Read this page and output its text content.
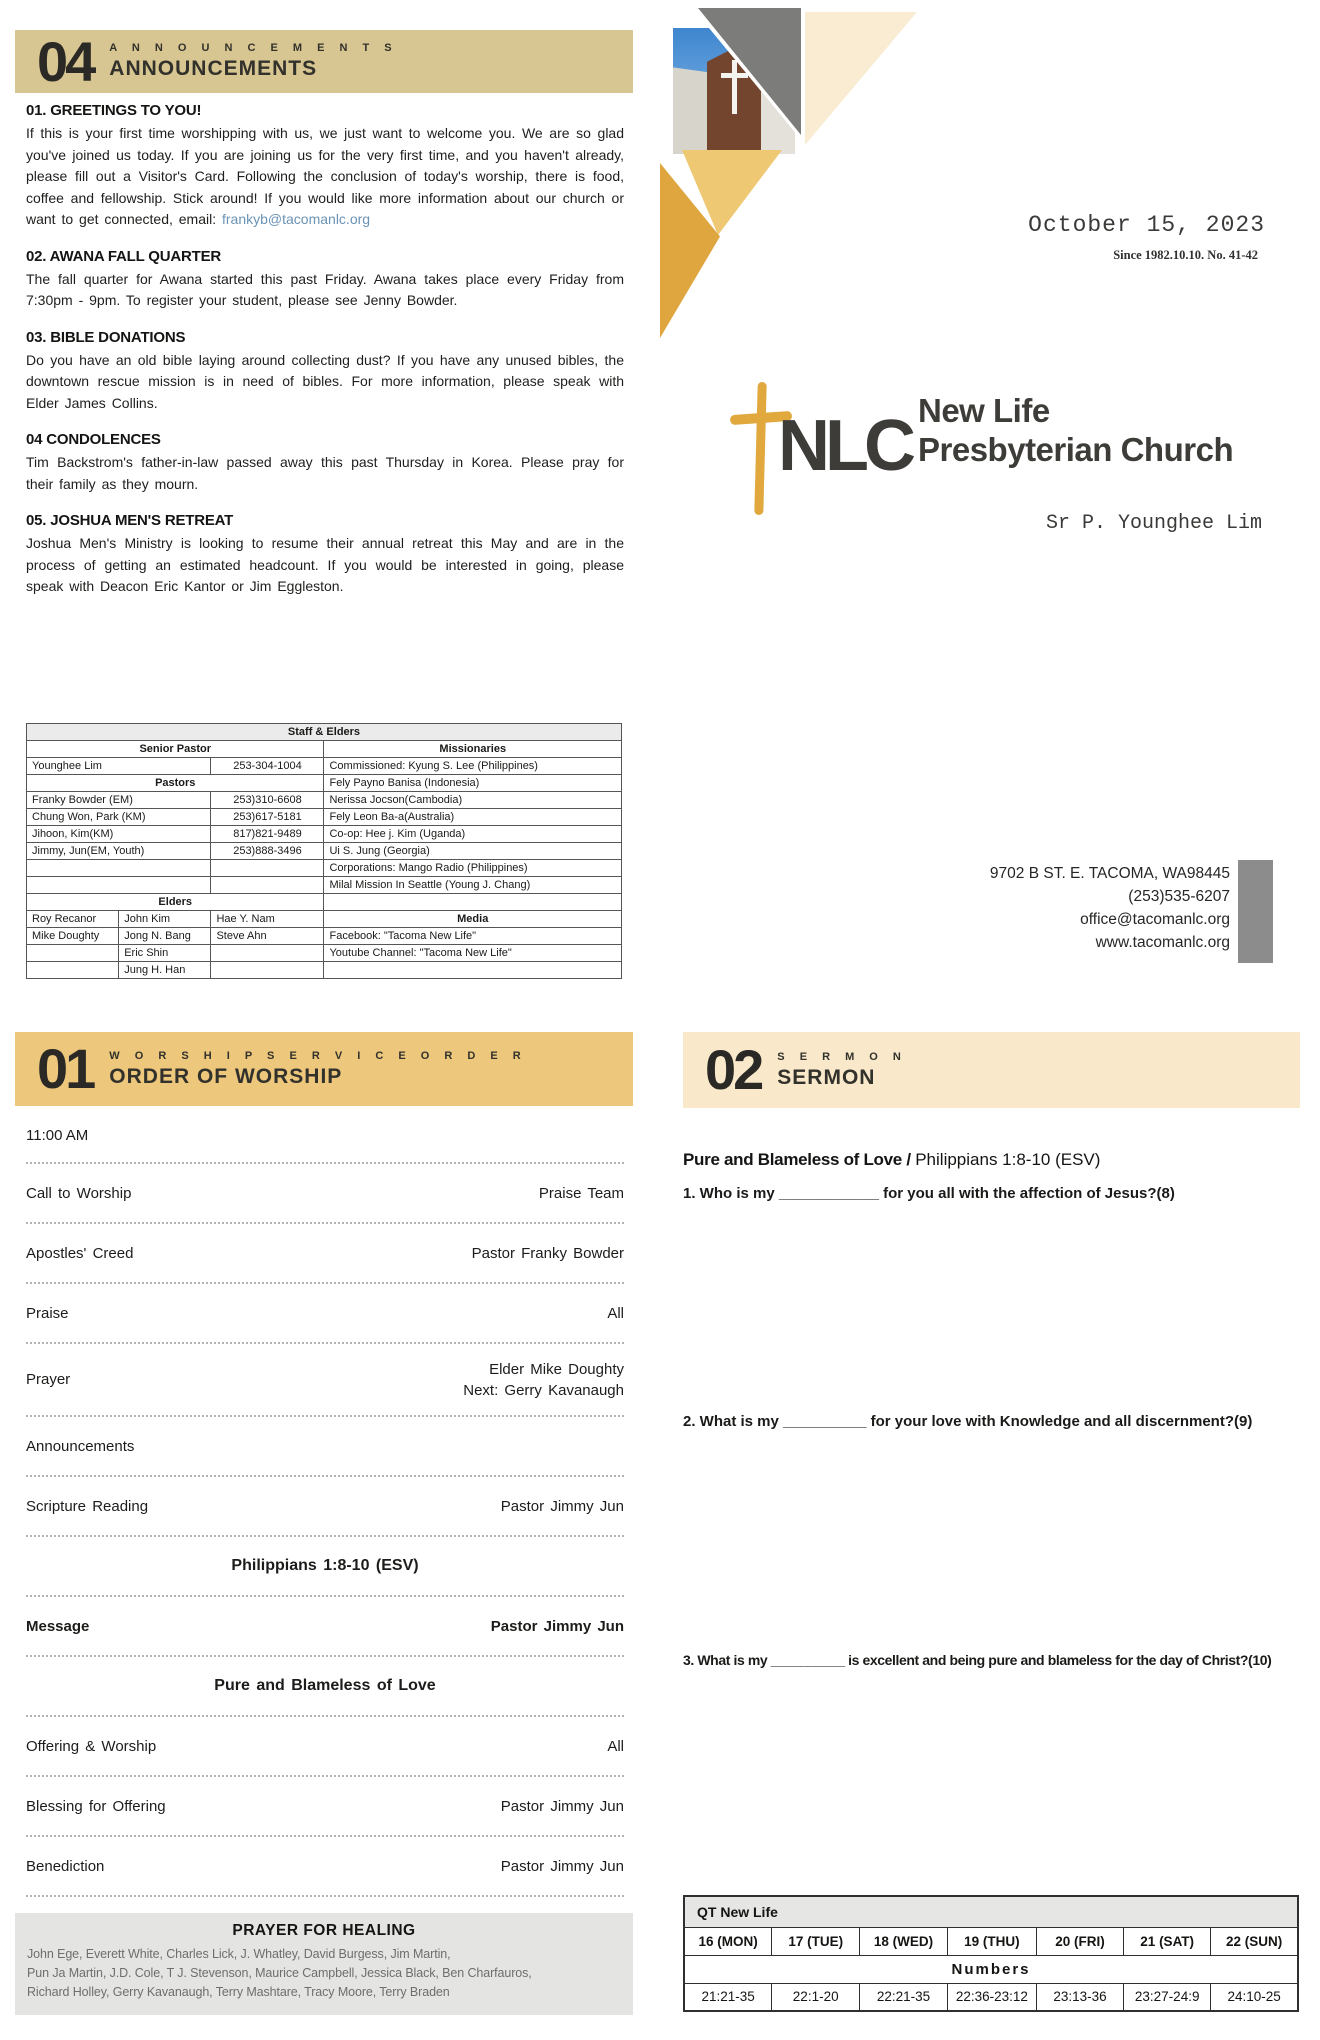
04 A N N O U N C E M E N T S
ANNOUNCEMENTS
01. GREETINGS TO YOU!
If this is your first time worshipping with us, we just want to welcome you. We are so glad you've joined us today. If you are joining us for the very first time, and you haven't already, please fill out a Visitor's Card. Following the conclusion of today's worship, there is food, coffee and fellowship. Stick around! If you would like more information about our church or want to get connected, email: frankyb@tacomanlc.org
02. AWANA FALL QUARTER
The fall quarter for Awana started this past Friday. Awana takes place every Friday from 7:30pm - 9pm. To register your student, please see Jenny Bowder.
03. BIBLE DONATIONS
Do you have an old bible laying around collecting dust? If you have any unused bibles, the downtown rescue mission is in need of bibles. For more information, please speak with Elder James Collins.
04 CONDOLENCES
Tim Backstrom's father-in-law passed away this past Thursday in Korea. Please pray for their family as they mourn.
05. JOSHUA MEN'S RETREAT
Joshua Men's Ministry is looking to resume their annual retreat this May and are in the process of getting an estimated headcount. If you would be interested in going, please speak with Deacon Eric Kantor or Jim Eggleston.
Staff & Elders			
Senior Pastor			Missionaries
Younghee Lim		253-304-1004	Commissioned: Kyung S. Lee (Philippines)
Pastors			Fely Payno Banisa (Indonesia)
Franky Bowder (EM)		253)310-6608	Nerissa Jocson(Cambodia)
Chung Won, Park (KM)		253)617-5181	Fely Leon Ba-a(Australia)
Jihoon, Kim(KM)		817)821-9489	Co-op: Hee j. Kim (Uganda)
Jimmy, Jun(EM, Youth)		253)888-3496	Ui S. Jung (Georgia)
			Corporations: Mango Radio (Philippines)
			Milal Mission In Seattle (Young J. Chang)
Elders			
Roy Recanor	John Kim	Hae Y. Nam	Media
Mike Doughty	Jong N. Bang	Steve Ahn	Facebook: "Tacoma New Life"
	Eric Shin		Youtube Channel: "Tacoma New Life"
	Jung H. Han		
01 W O R S H I P S E R V I C E O R D E R
ORDER OF WORSHIP
11:00 AM
Call to Worship	Praise Team
Apostles' Creed	Pastor Franky Bowder
Praise	All
Prayer
Elder Mike Doughty
Next: Gerry Kavanaugh
Announcements
Scripture Reading	Pastor Jimmy Jun
Philippians 1:8-10 (ESV)
Message	Pastor Jimmy Jun
Pure and Blameless of Love
Offering & Worship	All
Blessing for Offering	Pastor Jimmy Jun
Benediction	Pastor Jimmy Jun
PRAYER FOR HEALING
John Ege, Everett White, Charles Lick, J. Whatley, David Burgess, Jim Martin,
Pun Ja Martin, J.D. Cole, T J. Stevenson, Maurice Campbell, Jessica Black, Ben Charfauros,
Richard Holley, Gerry Kavanaugh, Terry Mashtare, Tracy Moore, Terry Braden
October 15, 2023
Since 1982.10.10. No. 41-42
NLC New Life
Presbyterian Church
Sr P. Younghee Lim
9702 B ST. E. TACOMA, WA98445
(253)535-6207
office@tacomanlc.org
www.tacomanlc.org
02 S E R M O N
SERMON
Pure and Blameless of Love / Philippians 1:8-10 (ESV)
1. Who is my ____________ for you all with the affection of Jesus?(8)
2. What is my __________ for your love with Knowledge and all discernment?(9)
3. What is my __________ is excellent and being pure and blameless for the day of Christ?(10)
QT New Life						
16 (MON)	17 (TUE)	18 (WED)	19 (THU)	20 (FRI)	21 (SAT)	22 (SUN)
Numbers						
21:21-35	22:1-20	22:21-35	22:36-23:12	23:13-36	23:27-24:9	24:10-25
